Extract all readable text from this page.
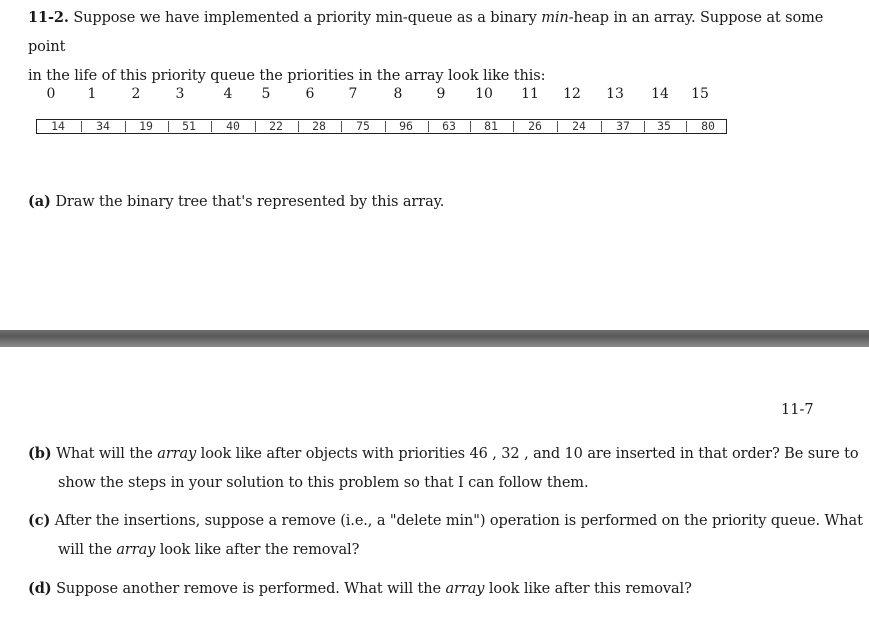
11-2. Suppose we have implemented a priority min-queue as a binary min-heap in an array. Suppose at some point
in the life of this priority queue the priorities in the array look like this:
0	1	2	3	4	5	6	7	8	9	10	11	12	13	14	15
14	34	19	51	40	22	28	75	96	63	81	26	24	37	35	80
(a) Draw the binary tree that's represented by this array.
11-7
(b) What will the array look like after objects with priorities 46 , 32 , and 10 are inserted in that order? Be sure to show the steps in your solution to this problem so that I can follow them.
(c) After the insertions, suppose a remove (i.e., a "delete min") operation is performed on the priority queue. What will the array look like after the removal?
(d) Suppose another remove is performed. What will the array look like after this removal?
